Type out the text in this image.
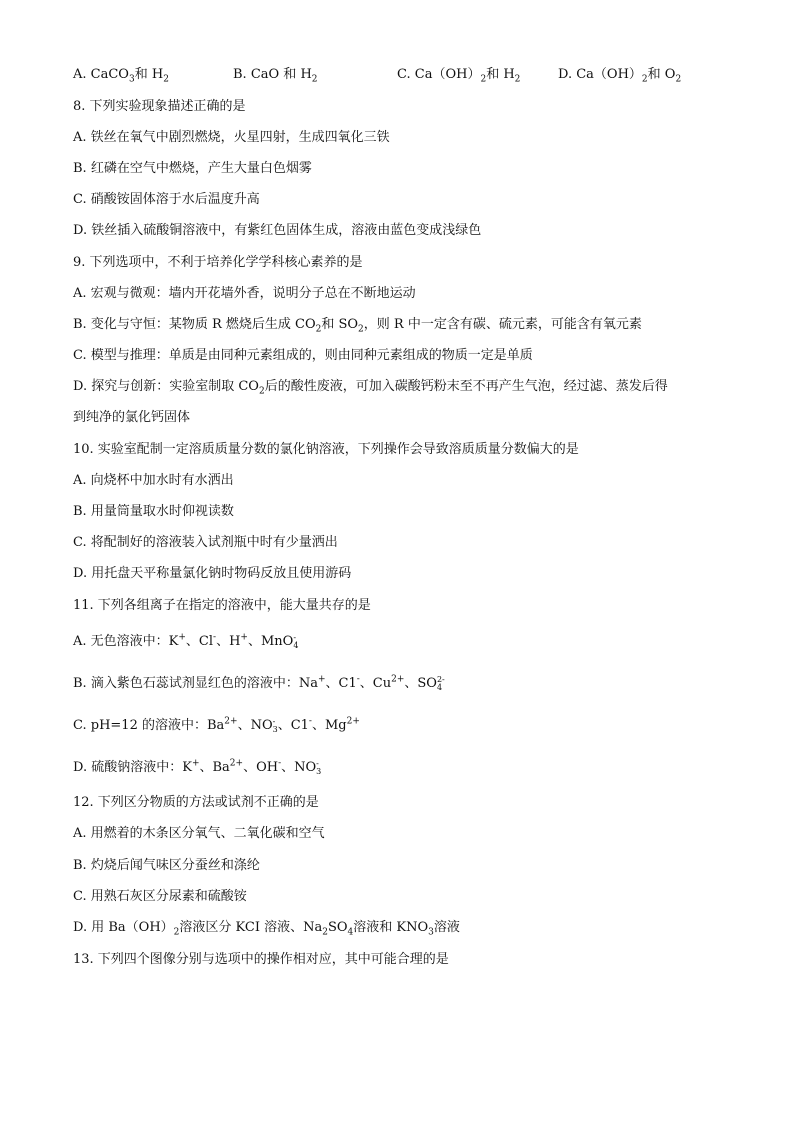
A. CaCO$_3$和 $H_2$	B. CaO 和 $H_2$	C. $Ca(OH)_2$和 $H_2$	D. $Ca(OH)_2$和 $O_2$
8. 下列实验现象描述正确的是
A. 铁丝在氧气中剧烈燃烧，火星四射，生成四氧化三铁
B. 红磷在空气中燃烧，产生大量白色烟雾
C. 硝酸铵固体溶于水后温度升高
D. 铁丝插入硫酸铜溶液中，有紫红色固体生成，溶液由蓝色变成浅绿色
9. 下列选项中，不利于培养化学学科核心素养的是
A. 宏观与微观：墙内开花墙外香，说明分子总在不断地运动
B. 变化与守恒：某物质 R 燃烧后生成 $CO_2$和 $SO_2$，则 R 中一定含有碳、硫元素，可能含有氧元素
C. 模型与推理：单质是由同种元素组成的，则由同种元素组成的物质一定是单质
D. 探究与创新：实验室制取 $CO_2$后的酸性废液，可加入碳酸钙粉末至不再产生气泡，经过滤、蒸发后得
到纯净的氯化钙固体
10. 实验室配制一定溶质质量分数的氯化钠溶液，下列操作会导致溶质质量分数偏大的是
A. 向烧杯中加水时有水洒出
B. 用量筒量取水时仰视读数
C. 将配制好的溶液装入试剂瓶中时有少量洒出
D. 用托盘天平称量氯化钠时物码反放且使用游码
11. 下列各组离子在指定的溶液中，能大量共存的是
A. 无色溶液中：K+、Cl-、H+、MnO-
4
B. 滴入紫色石蕊试剂显红色的溶液中：Na+、C1-、$Cu^{2+}$、SO2-
4
C. pH=12 的溶液中：$Ba^{2+}$、NO-
3、C1-、$Mg^{2+}$
D. 硫酸钠溶液中：K+、$Ba^{2+}$、OH-、NO-
3
12. 下列区分物质的方法或试剂不正确的是
A. 用燃着的木条区分氧气、二氧化碳和空气
B. 灼烧后闻气味区分蚕丝和涤纶
C. 用熟石灰区分尿素和硫酸铵
D. 用 $Ba(OH)_2$溶液区分 KCI 溶液、$Na_2SO_4$溶液和 $KNO_3$溶液
13. 下列四个图像分别与选项中的操作相对应，其中可能合理的是
